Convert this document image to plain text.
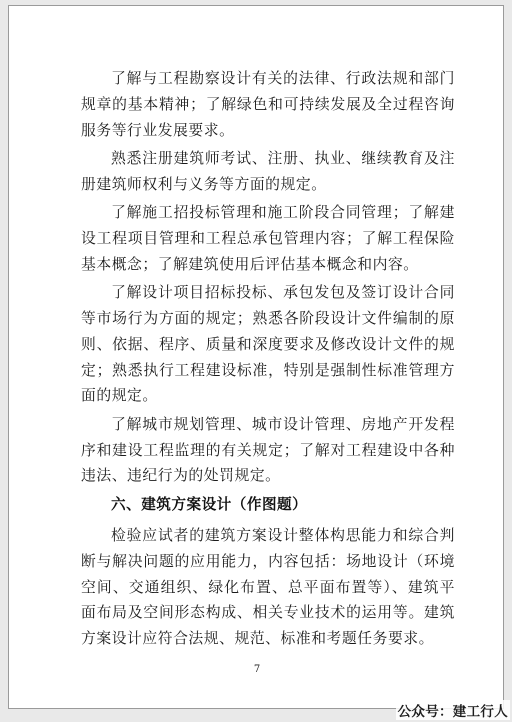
了解与工程勘察设计有关的法律、行政法规和部门规章的基本精神；了解绿色和可持续发展及全过程咨询服务等行业发展要求。

熟悉注册建筑师考试、注册、执业、继续教育及注册建筑师权利与义务等方面的规定。

了解施工招投标管理和施工阶段合同管理；了解建设工程项目管理和工程总承包管理内容；了解工程保险基本概念；了解建筑使用后评估基本概念和内容。

了解设计项目招标投标、承包发包及签订设计合同等市场行为方面的规定；熟悉各阶段设计文件编制的原则、依据、程序、质量和深度要求及修改设计文件的规定；熟悉执行工程建设标准，特别是强制性标准管理方面的规定。

了解城市规划管理、城市设计管理、房地产开发程序和建设工程监理的有关规定；了解对工程建设中各种违法、违纪行为的处罚规定。

六、建筑方案设计（作图题）

检验应试者的建筑方案设计整体构思能力和综合判断与解决问题的应用能力，内容包括：场地设计（环境空间、交通组织、绿化布置、总平面布置等）、建筑平面布局及空间形态构成、相关专业技术的运用等。建筑方案设计应符合法规、规范、标准和考题任务要求。

7
公众号：建工行人
